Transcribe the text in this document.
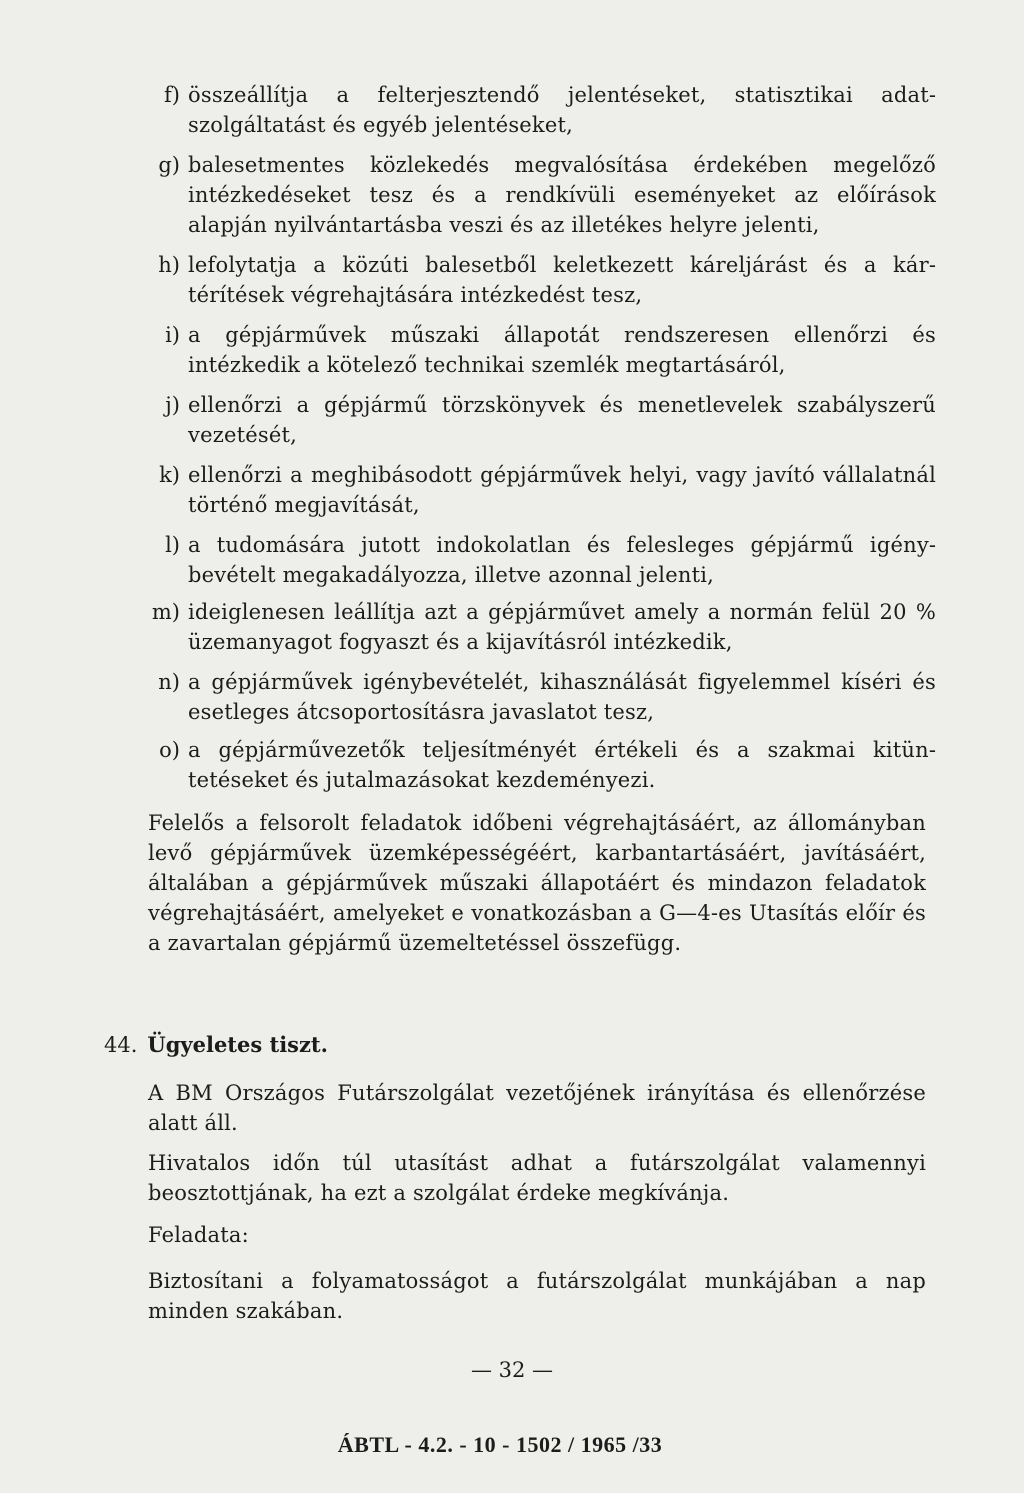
f) összeállítja a felterjesztendő jelentéseket, statisztikai adatszolgáltatást és egyéb jelentéseket,
g) balesetmentes közlekedés megvalósítása érdekében megelőző intézkedéseket tesz és a rendkívüli eseményeket az előírások alapján nyilvántartásba veszi és az illetékes helyre jelenti,
h) lefolytatja a közúti balesetből keletkezett káreljárást és a kártérítések végrehajtására intézkedést tesz,
i) a gépjárművek műszaki állapotát rendszeresen ellenőrzi és intézkedik a kötelező technikai szemlék megtartásáról,
j) ellenőrzi a gépjármű törzskönyvek és menetlevelek szabályszerű vezetését,
k) ellenőrzi a meghibásodott gépjárművek helyi, vagy javító vállalatnál történő megjavítását,
l) a tudomására jutott indokolatlan és felesleges gépjármű igénybevételt megakadályozza, illetve azonnal jelenti,
m) ideiglenesen leállítja azt a gépjárművet amely a normán felül 20 % üzemanyagot fogyaszt és a kijavításról intézkedik,
n) a gépjárművek igénybevételét, kihasználását figyelemmel kíséri és esetleges átcsoportosításra javaslatot tesz,
o) a gépjárművezetők teljesítményét értékeli és a szakmai kitüntetéseket és jutalmazásokat kezdeményezi.
Felelős a felsorolt feladatok időbeni végrehajtásáért, az állományban levő gépjárművek üzemképességéért, karbantartásáért, javításáért, általában a gépjárművek műszaki állapotáért és mindazon feladatok végrehajtásáért, amelyeket e vonatkozásban a G—4-es Utasítás előír és a zavartalan gépjármű üzemeltetéssel összefügg.
44. Ügyeletes tiszt.
A BM Országos Futárszolgálat vezetőjének irányítása és ellenőrzése alatt áll.
Hivatalos időn túl utasítást adhat a futárszolgálat valamennyi beosztottjának, ha ezt a szolgálat érdeke megkívánja.
Feladata:
Biztosítani a folyamatosságot a futárszolgálat munkájában a nap minden szakában.
— 32 —
ÁBTL - 4.2. - 10 - 1502 / 1965 /33
